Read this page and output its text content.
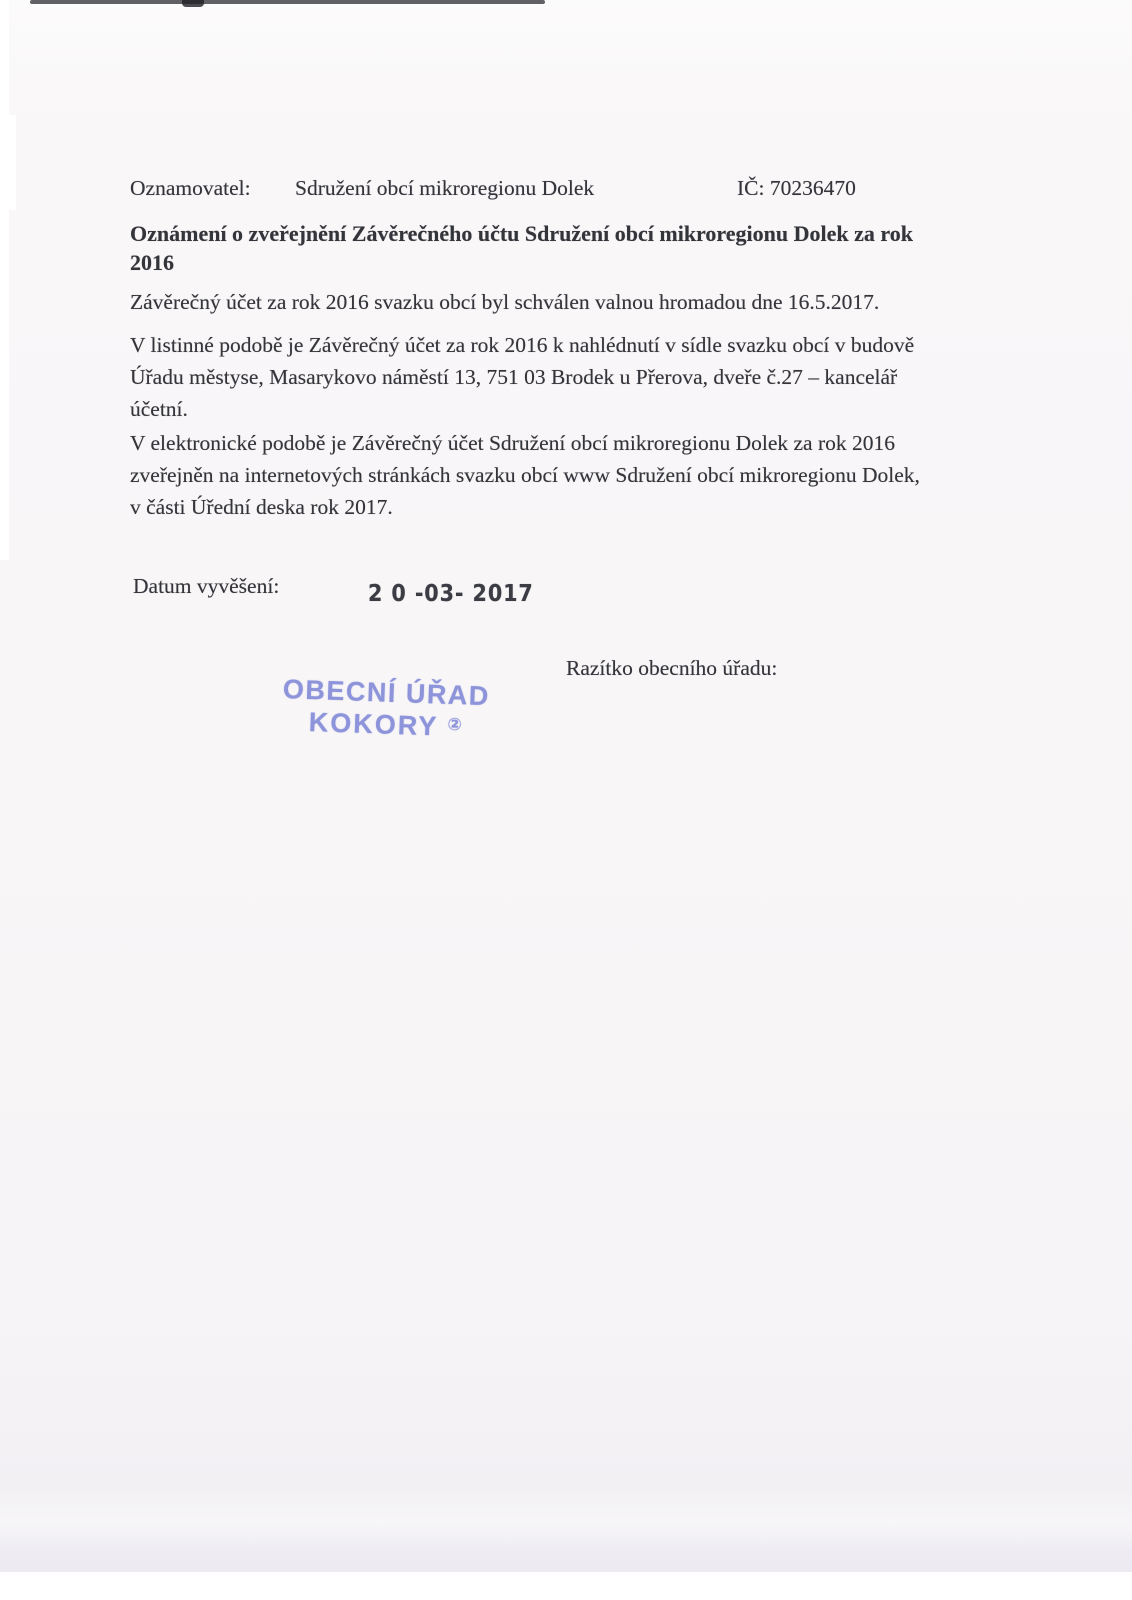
Oznamovatel: Sdružení obcí mikroregionu Dolek	IČ: 70236470
Oznámení o zveřejnění Závěrečného účtu Sdružení obcí mikroregionu Dolek za rok
2016
Závěrečný účet za rok 2016 svazku obcí byl schválen valnou hromadou dne 16.5.2017.
V listinné podobě je Závěrečný účet za rok 2016 k nahlédnutí v sídle svazku obcí v budově
Úřadu městyse, Masarykovo náměstí 13, 751 03 Brodek u Přerova, dveře č.27 – kancelář
účetní.
V elektronické podobě je Závěrečný účet Sdružení obcí mikroregionu Dolek za rok 2016
zveřejněn na internetových stránkách svazku obcí www Sdružení obcí mikroregionu Dolek,
v části Úřední deska rok 2017.
Datum vyvěšení:	2 0 -03- 2017
Razítko obecního úřadu:
OBECNÍ ÚŘAD
KOKORY ②
